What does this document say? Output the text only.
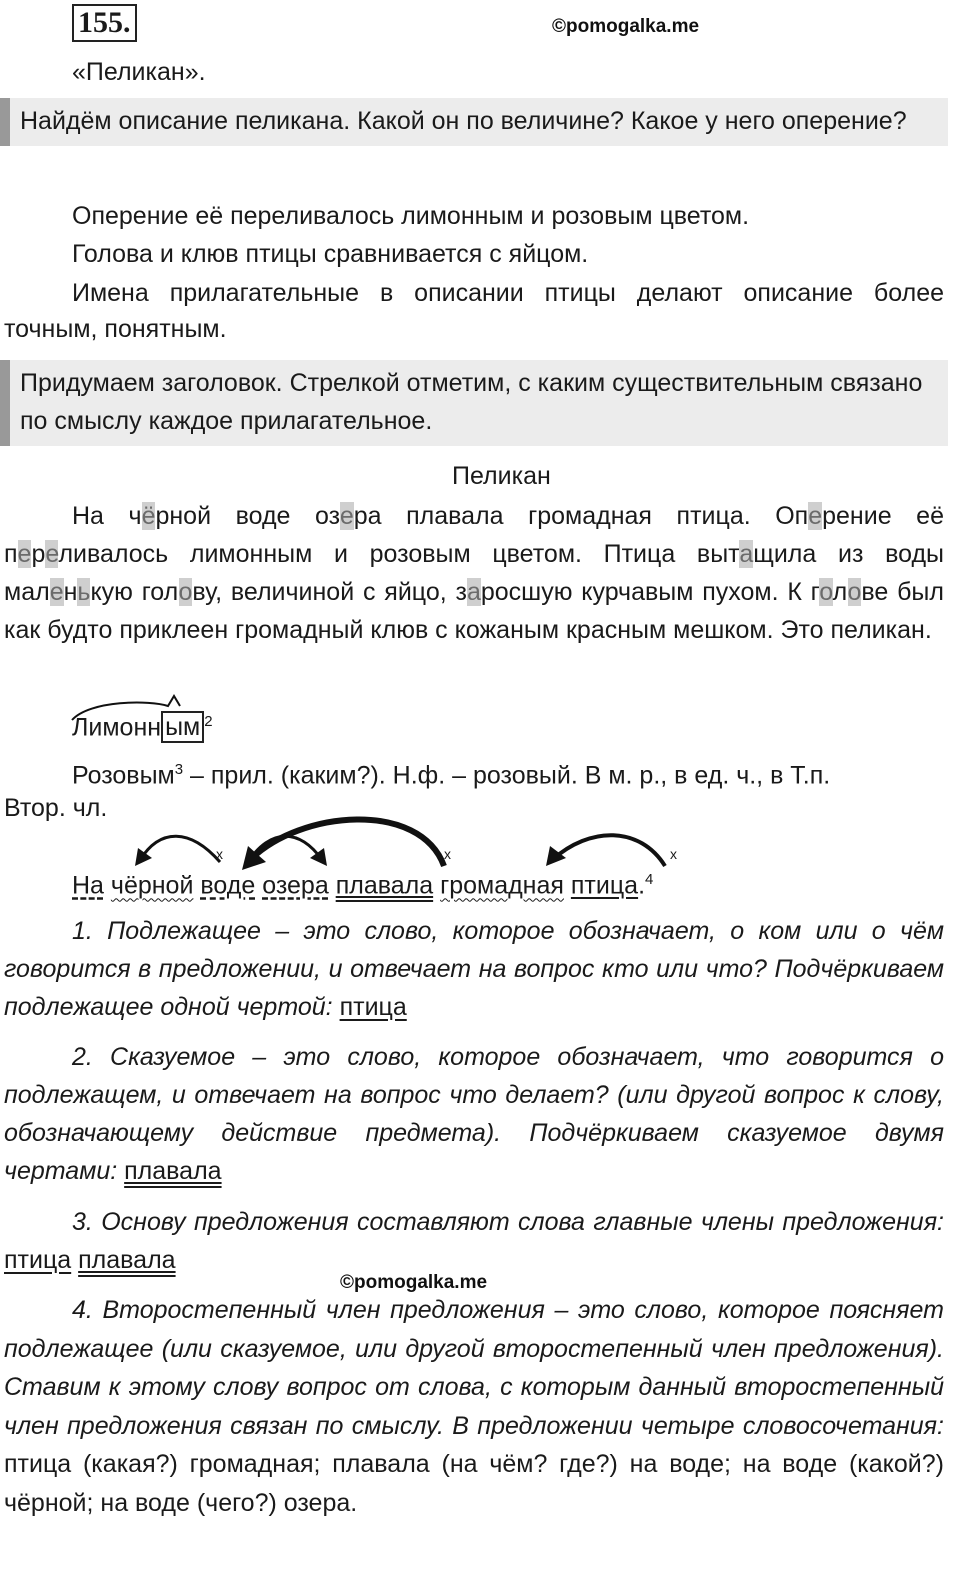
155.	©pomogalka.me
«Пеликан».
Найдём описание пеликана. Какой он по величине? Какое у него оперение?
Оперение её переливалось лимонным и розовым цветом.
Голова и клюв птицы сравнивается с яйцом.
Имена прилагательные в описании птицы делают описание более точным, понятным.
Придумаем заголовок. Стрелкой отметим, с каким существительным связано по смыслу каждое прилагательное.
Пеликан
На чёрной воде озера плавала громадная птица. Оперение её переливалось лимонным и розовым цветом. Птица вытащила из воды маленькую голову, величиной с яйцо, заросшую курчавым пухом. К голове был как будто приклеен громадный клюв с кожаным красным мешком. Это пеликан.
Лимонн ым $^2$
Розовым$^3$ – прил. (каким?). Н.ф. – розовый. В м. р., в ед. ч., в Т.п.
Втор. чл.
x	x	x
На чёрной воде озера плавала громадная птица.$^4$
1. Подлежащее – это слово, которое обозначает, о ком или о чём говорится в предложении, и отвечает на вопрос кто или что? Подчёркиваем подлежащее одной чертой: птица
2. Сказуемое – это слово, которое обозначает, что говорится о подлежащем, и отвечает на вопрос что делает? (или другой вопрос к слову, обозначающему действие предмета). Подчёркиваем сказуемое двумя чертами: плавала
3. Основу предложения составляют слова главные члены предложения: птица плавала
©pomogalka.me
4. Второстепенный член предложения – это слово, которое поясняет подлежащее (или сказуемое, или другой второстепенный член предложения). Ставим к этому слову вопрос от слова, с которым данный второстепенный член предложения связан по смыслу. В предложении четыре словосочетания: птица (какая?) громадная; плавала (на чём? где?) на воде; на воде (какой?) чёрной; на воде (чего?) озера.
